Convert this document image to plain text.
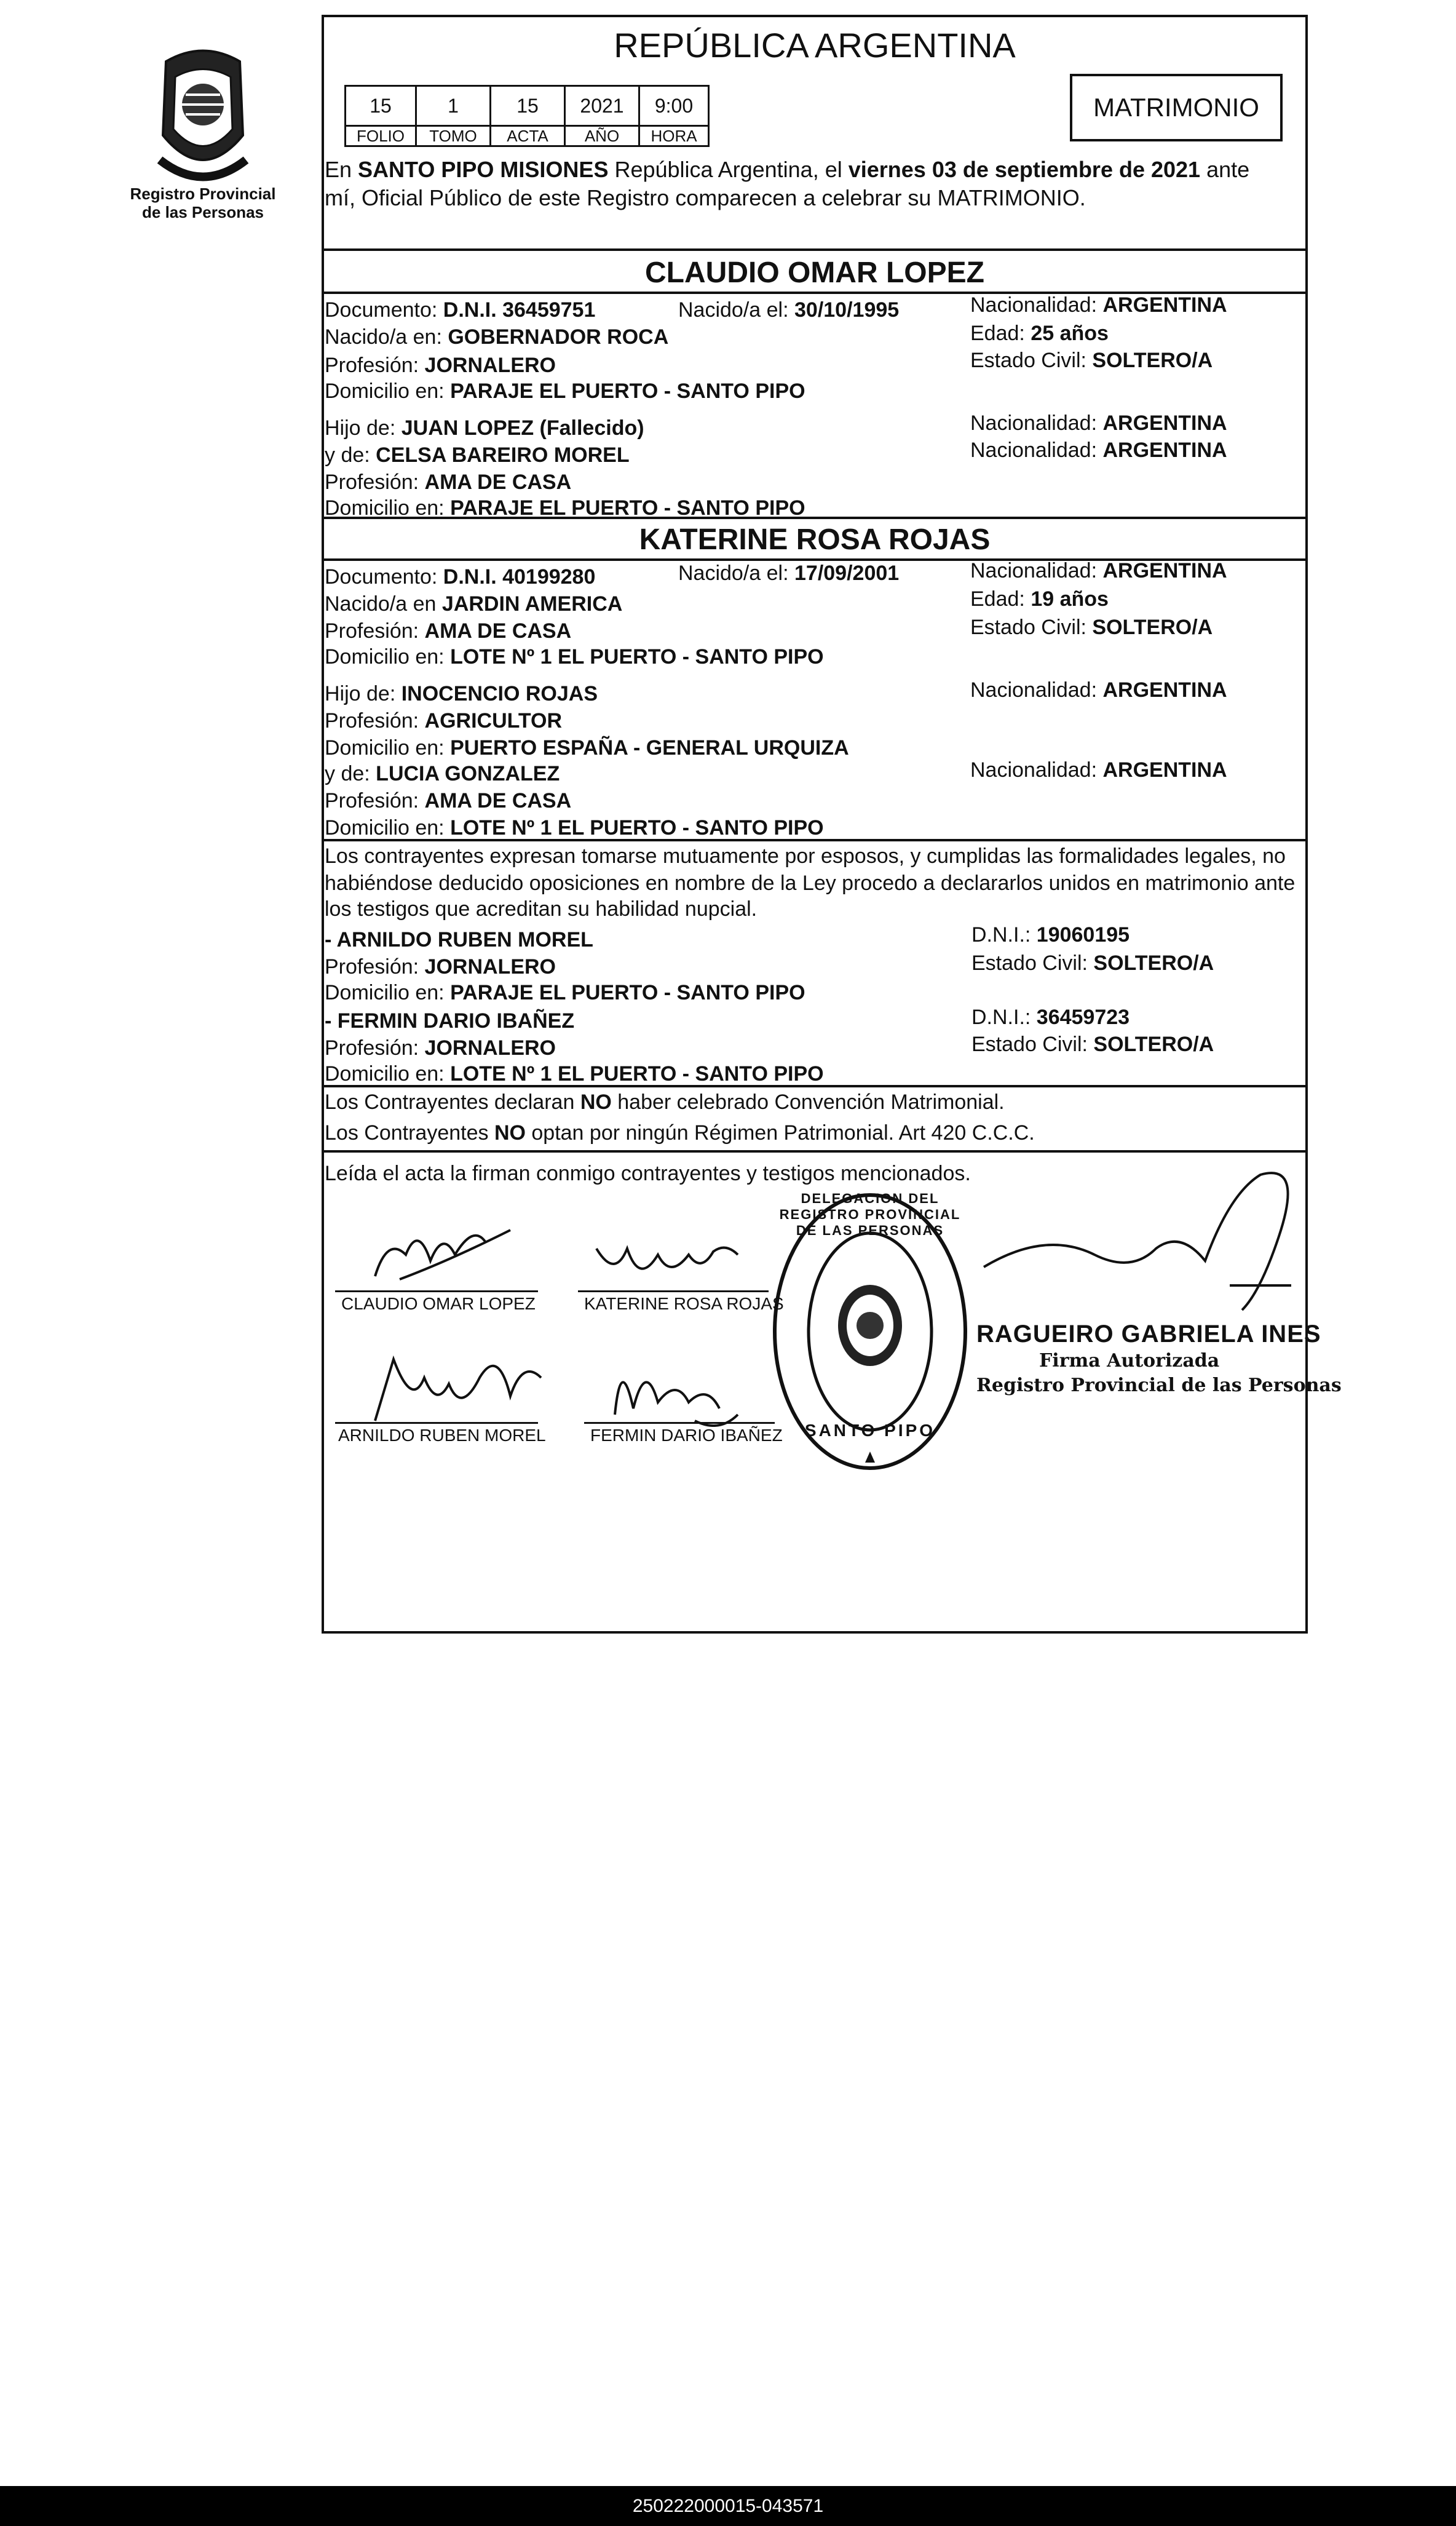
Registro Provincial
de las Personas
REPÚBLICA ARGENTINA
15	1	15	2021	9:00
FOLIO	TOMO	ACTA	AÑO	HORA
MATRIMONIO
En SANTO PIPO MISIONES República Argentina, el viernes 03 de septiembre de 2021 ante
mí, Oficial Público de este Registro comparecen a celebrar su MATRIMONIO.
CLAUDIO OMAR LOPEZ
Documento: D.N.I. 36459751	Nacido/a el: 30/10/1995	Nacionalidad: ARGENTINA
Nacido/a en: GOBERNADOR ROCA	Edad: 25 años
Profesión: JORNALERO	Estado Civil: SOLTERO/A
Domicilio en: PARAJE EL PUERTO - SANTO PIPO
Hijo de: JUAN LOPEZ (Fallecido)	Nacionalidad: ARGENTINA
y de: CELSA BAREIRO MOREL	Nacionalidad: ARGENTINA
Profesión: AMA DE CASA
Domicilio en: PARAJE EL PUERTO - SANTO PIPO
KATERINE ROSA ROJAS
Documento: D.N.I. 40199280	Nacido/a el: 17/09/2001	Nacionalidad: ARGENTINA
Nacido/a en JARDIN AMERICA	Edad: 19 años
Profesión: AMA DE CASA	Estado Civil: SOLTERO/A
Domicilio en: LOTE Nº 1 EL PUERTO - SANTO PIPO
Hijo de: INOCENCIO ROJAS	Nacionalidad: ARGENTINA
Profesión: AGRICULTOR
Domicilio en: PUERTO ESPAÑA - GENERAL URQUIZA
y de: LUCIA GONZALEZ	Nacionalidad: ARGENTINA
Profesión: AMA DE CASA
Domicilio en: LOTE Nº 1 EL PUERTO - SANTO PIPO
Los contrayentes expresan tomarse mutuamente por esposos, y cumplidas las formalidades legales, no
habiéndose deducido oposiciones en nombre de la Ley procedo a declararlos unidos en matrimonio ante
los testigos que acreditan su habilidad nupcial.
- ARNILDO RUBEN MOREL	D.N.I.: 19060195
Profesión: JORNALERO	Estado Civil: SOLTERO/A
Domicilio en: PARAJE EL PUERTO - SANTO PIPO
- FERMIN DARIO IBAÑEZ	D.N.I.: 36459723
Profesión: JORNALERO	Estado Civil: SOLTERO/A
Domicilio en: LOTE Nº 1 EL PUERTO - SANTO PIPO
Los Contrayentes declaran NO haber celebrado Convención Matrimonial.
Los Contrayentes NO optan por ningún Régimen Patrimonial. Art 420 C.C.C.
Leída el acta la firman conmigo contrayentes y testigos mencionados.
CLAUDIO OMAR LOPEZ	KATERINE ROSA ROJAS
ARNILDO RUBEN MOREL	FERMIN DARIO IBAÑEZ
RAGUEIRO GABRIELA INES
Firma Autorizada
Registro Provincial de las Personas
DELEGACION DEL REGISTRO PROVINCIAL DE LAS PERSONAS
SANTO PIPO
250222000015-043571
